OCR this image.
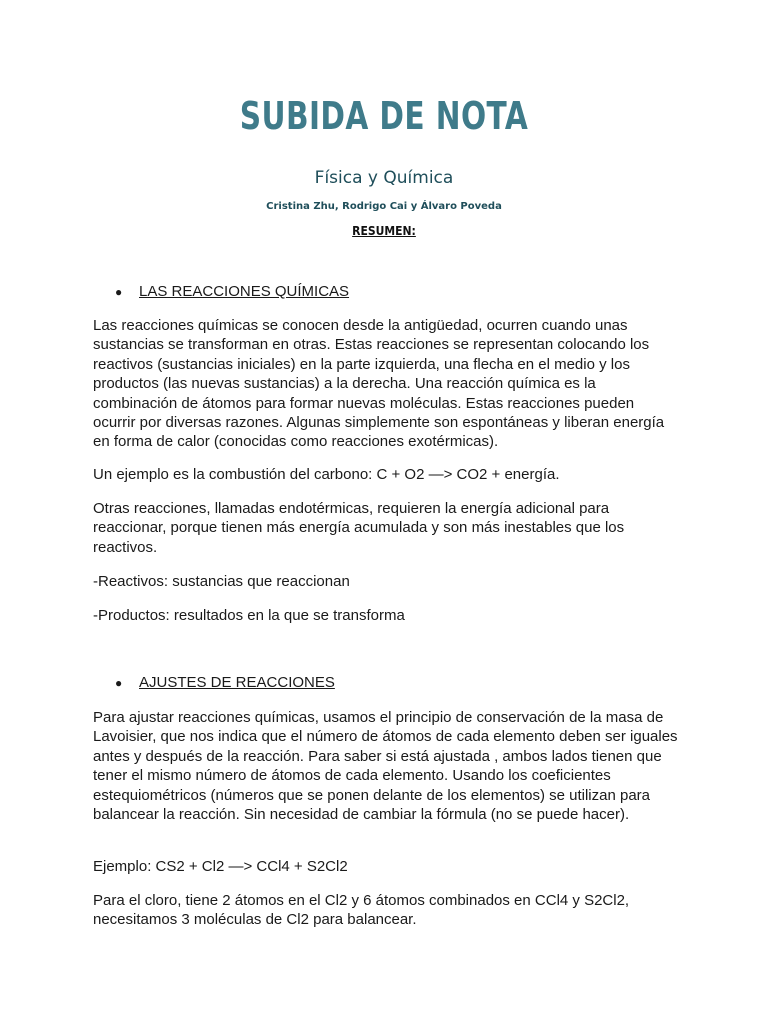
SUBIDA DE NOTA
Física y Química
Cristina Zhu, Rodrigo Cai y Álvaro Poveda
RESUMEN:
● LAS REACCIONES QUÍMICAS

Las reacciones químicas se conocen desde la antigüedad, ocurren cuando unas sustancias se transforman en otras. Estas reacciones se representan colocando los reactivos (sustancias iniciales) en la parte izquierda, una flecha en el medio y los productos (las nuevas sustancias) a la derecha. Una reacción química es la combinación de átomos para formar nuevas moléculas. Estas reacciones pueden ocurrir por diversas razones. Algunas simplemente son espontáneas y liberan energía en forma de calor (conocidas como reacciones exotérmicas).

Un ejemplo es la combustión del carbono: C + O2 —> CO2 + energía.

Otras reacciones, llamadas endotérmicas, requieren la energía adicional para reaccionar, porque tienen más energía acumulada y son más inestables que los reactivos.

-Reactivos: sustancias que reaccionan

-Productos: resultados en la que se transforma

● AJUSTES DE REACCIONES

Para ajustar reacciones químicas, usamos el principio de conservación de la masa de Lavoisier, que nos indica que el número de átomos de cada elemento deben ser iguales antes y después de la reacción. Para saber si está ajustada , ambos lados tienen que tener el mismo número de átomos de cada elemento. Usando los coeficientes estequiométricos (números que se ponen delante de los elementos) se utilizan para balancear la reacción. Sin necesidad de cambiar la fórmula (no se puede hacer).

Ejemplo: CS2 + Cl2 —> CCl4 + S2Cl2

Para el cloro, tiene 2 átomos en el Cl2 y 6 átomos combinados en CCl4 y S2Cl2, necesitamos 3 moléculas de Cl2 para balancear.
